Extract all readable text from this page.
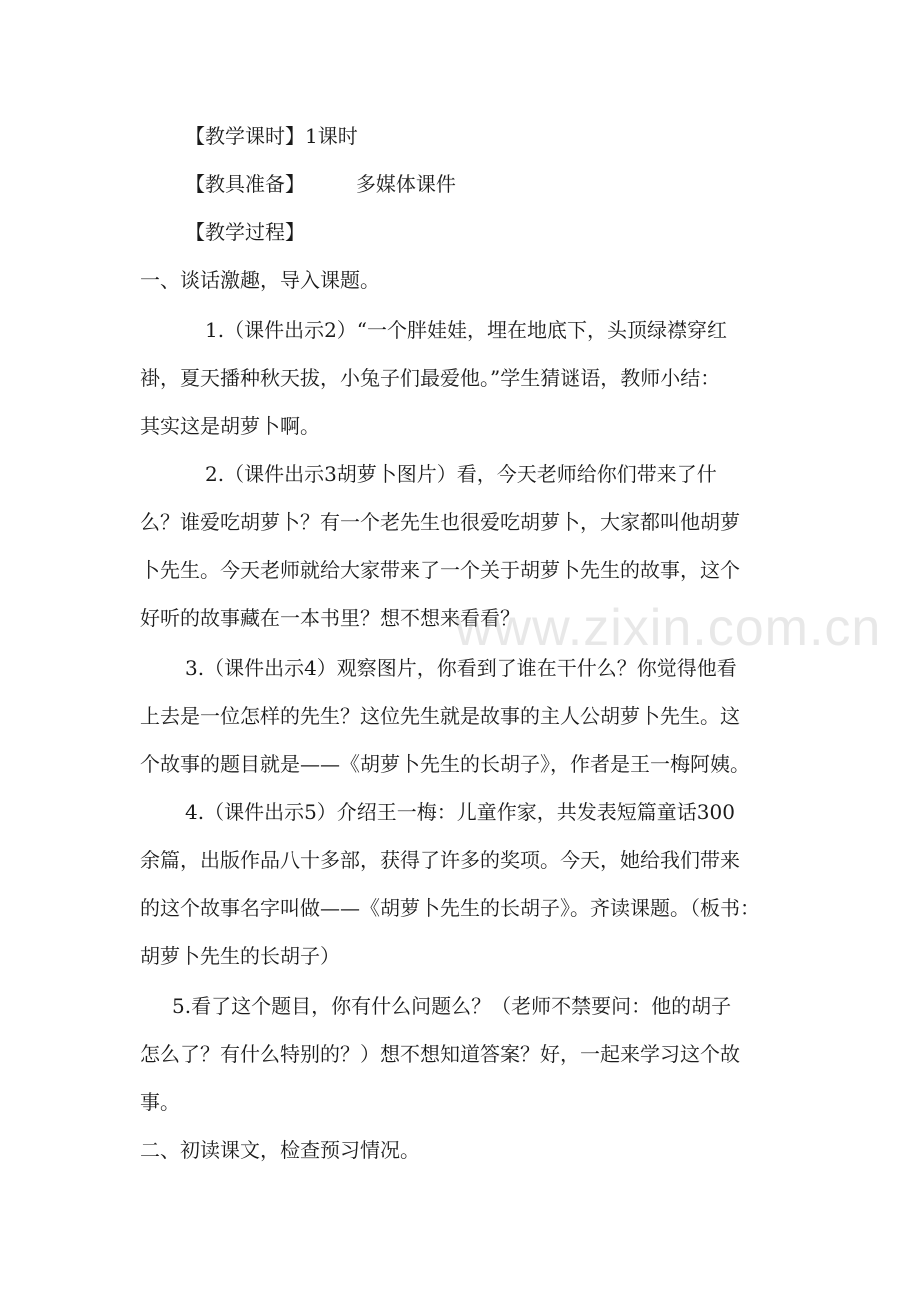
【教学课时】1课时
【教具准备】        多媒体课件
【教学过程】
一、谈话激趣，导入课题。
1.（课件出示2）“一个胖娃娃，埋在地底下，头顶绿襟穿红
褂，夏天播种秋天拔，小兔子们最爱他。”学生猜谜语，教师小结：
其实这是胡萝卜啊。
2.（课件出示3胡萝卜图片）看，今天老师给你们带来了什
么？谁爱吃胡萝卜？有一个老先生也很爱吃胡萝卜，大家都叫他胡萝
卜先生。今天老师就给大家带来了一个关于胡萝卜先生的故事，这个
好听的故事藏在一本书里？想不想来看看？
3.（课件出示4）观察图片，你看到了谁在干什么？你觉得他看
上去是一位怎样的先生？这位先生就是故事的主人公胡萝卜先生。这
个故事的题目就是——《胡萝卜先生的长胡子》，作者是王一梅阿姨。
4.（课件出示5）介绍王一梅：儿童作家，共发表短篇童话300
余篇，出版作品八十多部，获得了许多的奖项。今天，她给我们带来
的这个故事名字叫做——《胡萝卜先生的长胡子》。齐读课题。（板书：
胡萝卜先生的长胡子）
5.看了这个题目，你有什么问题么？（老师不禁要问：他的胡子
怎么了？有什么特别的？）想不想知道答案？好，一起来学习这个故
事。
二、初读课文，检查预习情况。
www.zixin.com.cn
